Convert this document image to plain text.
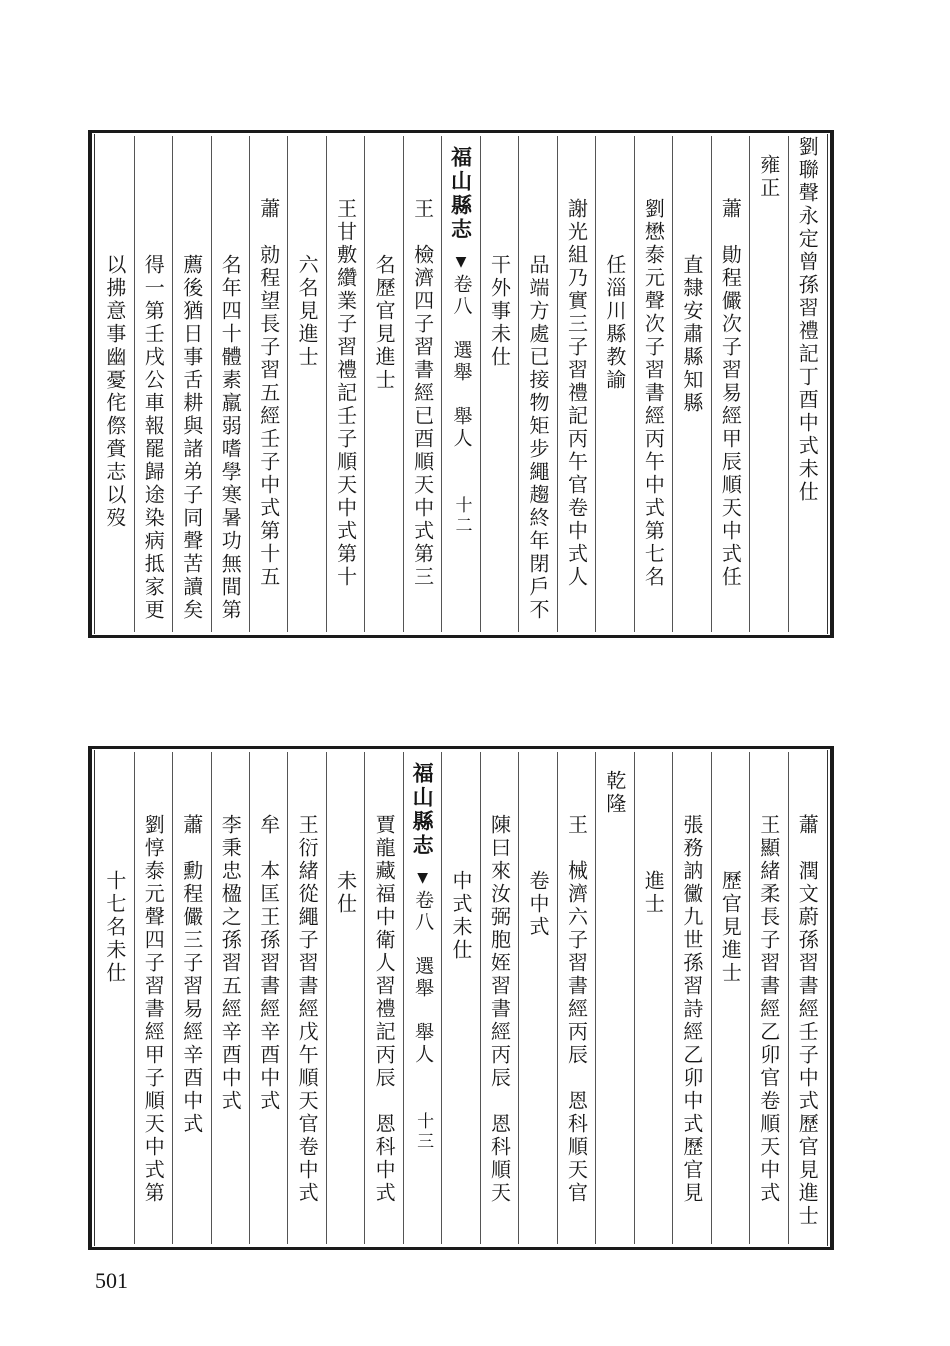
劉聯聲永定曾孫習禮記丁酉中式未仕
雍正
蕭　勛程儼次子習易經甲辰順天中式任
直隸安肅縣知縣
劉懋泰元聲次子習書經丙午中式第七名
任淄川縣教諭
謝光組乃實三子習禮記丙午官卷中式人
品端方處已接物矩步繩趨終年閉戶不
干外事未仕
福山縣志
▼
卷八　選舉　舉人
十二
王　檢濟四子習書經已酉順天中式第三
名歷官見進士
王甘敷纘業子習禮記壬子順天中式第十
六名見進士
蕭　勍程望長子習五經壬子中式第十五
名年四十體素羸弱嗜學寒暑功無間第
薦後猶日事舌耕與諸弟子同聲苦讀矣
得一第壬戌公車報罷歸途染病抵家更
以拂意事幽憂侘傺賫志以歿
蕭　潤文蔚孫習書經壬子中式歷官見進士
王顯緒柔長子習書經乙卯官卷順天中式
歷官見進士
張務訥黴九世孫習詩經乙卯中式歷官見
進士
乾隆
王　械濟六子習書經丙辰　恩科順天官
卷中式
陳曰來汝弼胞姪習書經丙辰　恩科順天
中式未仕
福山縣志
▼
卷八　選舉　舉人
十三
賈龍藏福中衛人習禮記丙辰　恩科中式
未仕
王衍緒從繩子習書經戊午順天官卷中式
牟　本匡王孫習書經辛酉中式
李秉忠楹之孫習五經辛酉中式
蕭　勳程儼三子習易經辛酉中式
劉惇泰元聲四子習書經甲子順天中式第
十七名未仕
501
